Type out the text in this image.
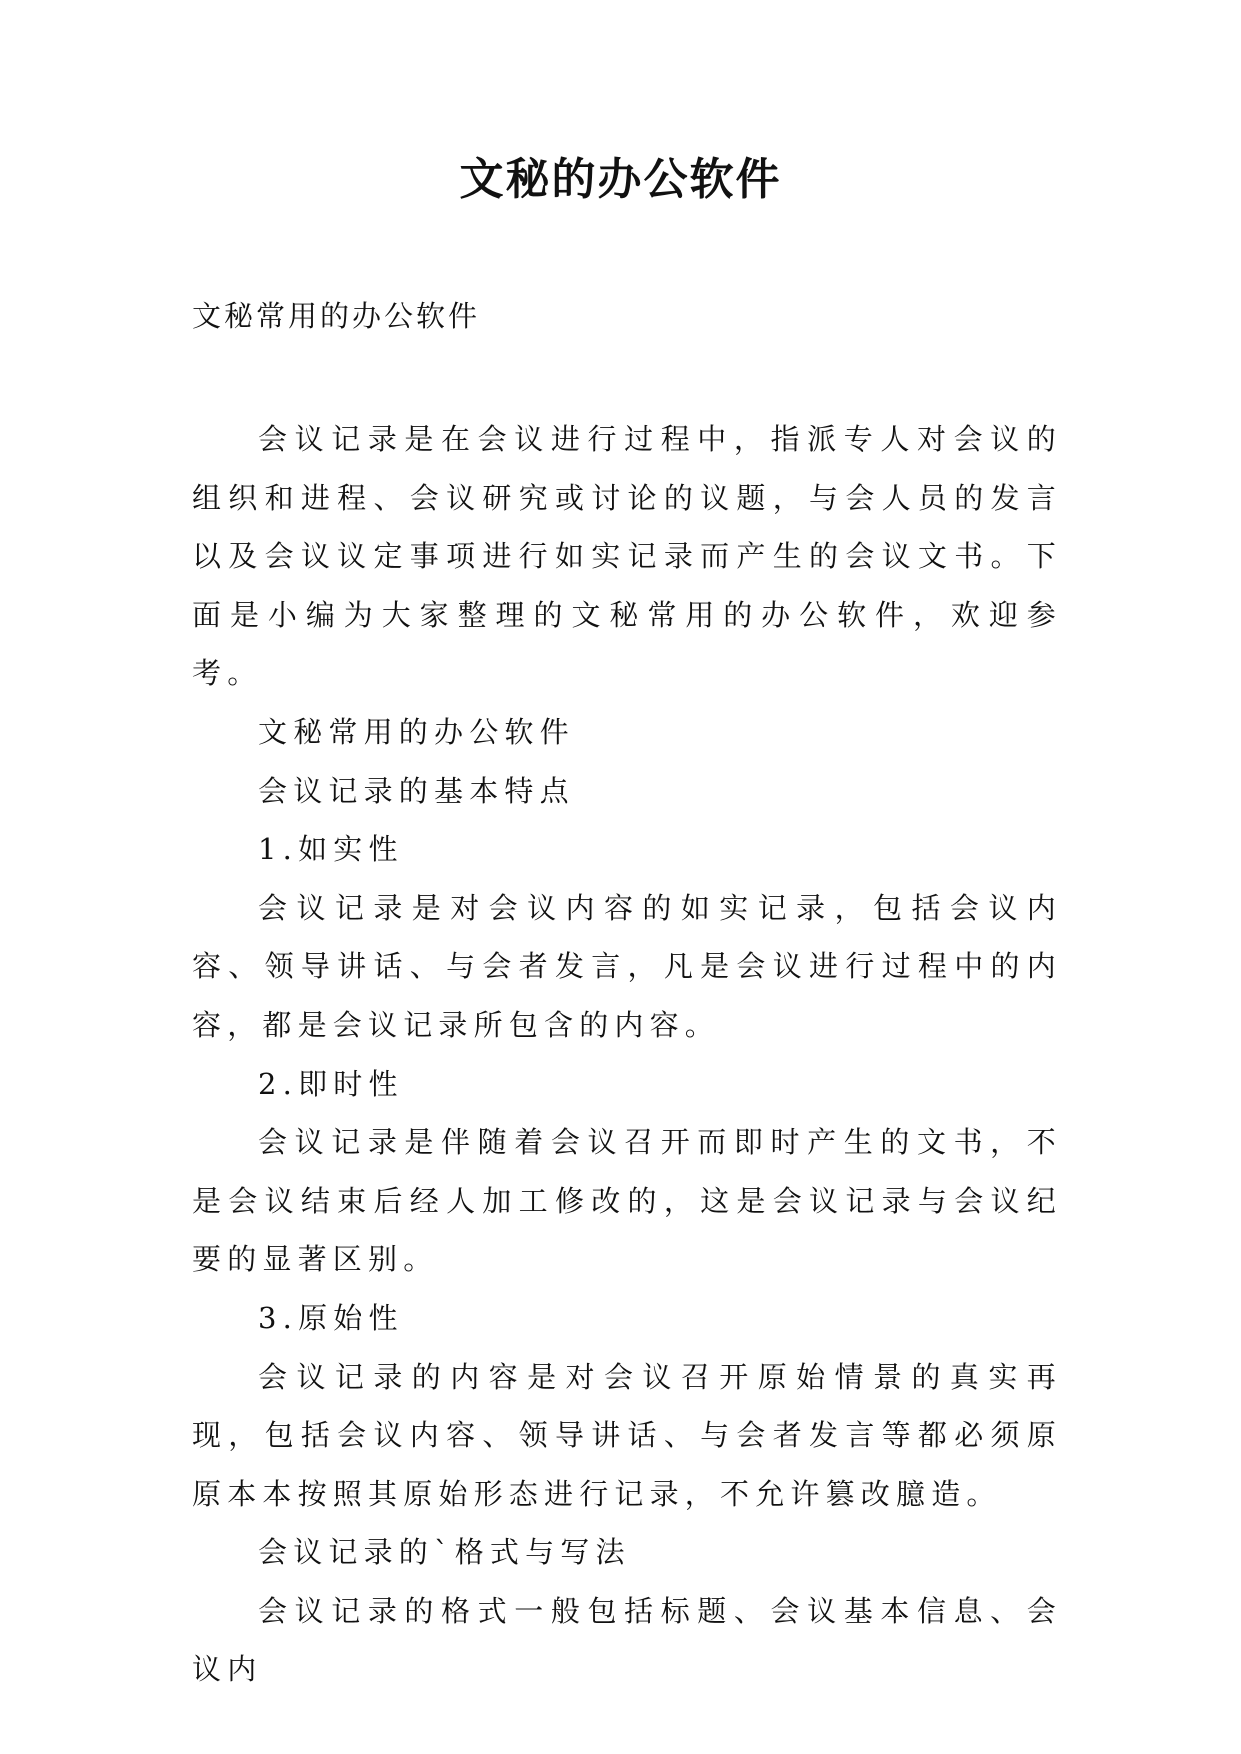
文秘的办公软件
文秘常用的办公软件

会议记录是在会议进行过程中，指派专人对会议的组织和进程、会议研究或讨论的议题，与会人员的发言以及会议议定事项进行如实记录而产生的会议文书。下面是小编为大家整理的文秘常用的办公软件，欢迎参考。

文秘常用的办公软件

会议记录的基本特点

1.如实性

会议记录是对会议内容的如实记录，包括会议内容、领导讲话、与会者发言，凡是会议进行过程中的内容，都是会议记录所包含的内容。

2.即时性

会议记录是伴随着会议召开而即时产生的文书，不是会议结束后经人加工修改的，这是会议记录与会议纪要的显著区别。

3.原始性

会议记录的内容是对会议召开原始情景的真实再现，包括会议内容、领导讲话、与会者发言等都必须原原本本按照其原始形态进行记录，不允许篡改臆造。

会议记录的`格式与写法

会议记录的格式一般包括标题、会议基本信息、会议内
